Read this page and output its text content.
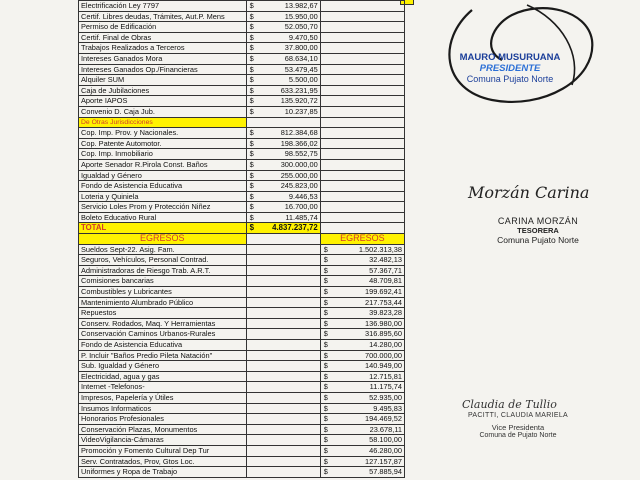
Electrificación Ley 7797	$ 13.982,67	

Certif. Libres deudas, Trámites, Aut.P. Mens	$ 15.950,00	

Permiso de Edificación	$ 52.050,70	

Certif. Final de Obras	$ 9.470,50	

Trabajos Realizados a Terceros	$ 37.800,00	

Intereses Ganados Mora	$ 68.634,10	

Intereses Ganados Op./Financieras	$ 53.479,45	

Alquiler SUM	$ 5.500,00	

Caja de Jubilaciones	$ 633.231,95	

Aporte IAPOS	$ 135.920,72	

Convenio D. Caja Jub.	$ 10.237,85	

De Otras Jurisdicciones		
Cop. Imp. Prov. y Nacionales.	$ 812.384,68	

Cop. Patente Automotor.	$ 198.366,02	

Cop. Imp. Inmobiliario	$ 98.552,75	

Aporte Senador R.Pirola Const. Baños	$ 300.000,00	

Igualdad y Género	$ 255.000,00	

Fondo de Asistencia Educativa	$ 245.823,00	

Loteria y Quiniela	$ 9.446,53	

Servicio Loles Prom y Protección Niñez	$ 16.700,00	

Boleto Educativo Rural	$ 11.485,74	

TOTAL	$ 4.837.237,72	

EGRESOS		EGRESOS
Sueldos Sept-22. Asig. Fam.		$ 1.502.313,38

Seguros, Vehículos, Personal Contrad.		$ 32.482,13

Administradoras de Riesgo Trab. A.R.T.		$ 57.367,71

Comisiones bancarias		$ 48.709,81

Combustibles y Lubricantes		$ 199.692,41

Mantenimiento Alumbrado Público		$ 217.753,44

Repuestos		$ 39.823,28

Conserv. Rodados, Maq. Y Herramientas		$ 136.980,00

Conservación Caminos Urbanos-Rurales		$ 316.895,60

Fondo de Asistencia Educativa		$ 14.280,00

P. Incluir "Baños Predio Pileta Natación"		$ 700.000,00

Sub. Igualdad y Género		$ 140.949,00

Electricidad, agua y gas		$ 12.715,81

Internet -Telefonos-		$ 11.175,74

Impresos, Papelería y Útiles		$ 52.935,00

Insumos Informaticos		$ 9.495,83

Honorarios Profesionales		$ 194.469,52

Conservación Plazas, Monumentos		$ 23.678,11

VideoVigilancia-Cámaras		$ 58.100,00

Promoción y Fomento Cultural Dep Tur		$ 46.280,00

Serv. Contratados, Prov, Gtos Loc.		$ 127.157,87

Uniformes y Ropa de Trabajo		$ 57.885,94
MAURO MUSURUANA
PRESIDENTE
Comuna Pujato Norte
Morzán Carina
CARINA MORZÁN
TESORERA
Comuna Pujato Norte
Claudia de Tullio
PACITTI, CLAUDIA MARIELA
Vice Presidenta
Comuna de Pujato Norte
